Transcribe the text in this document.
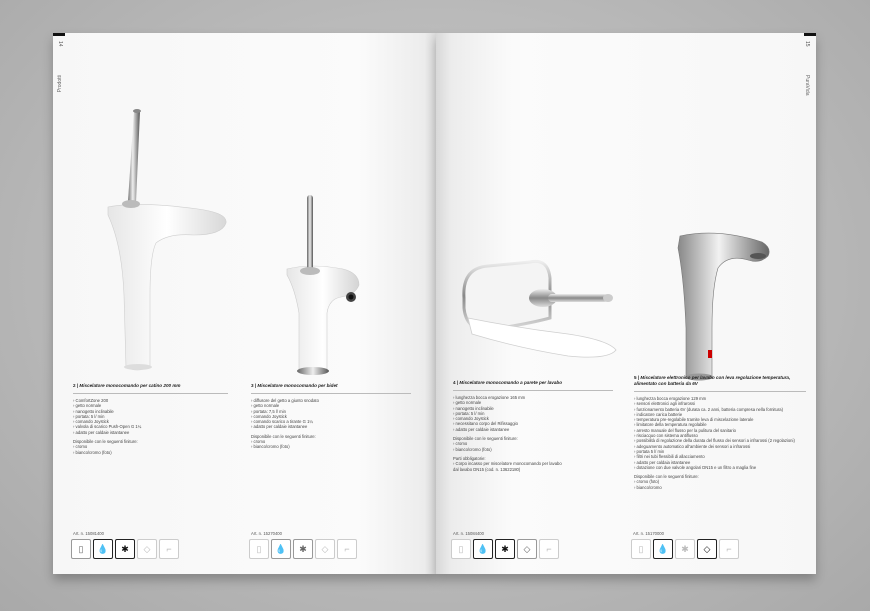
14
Prodotti
2 | Miscelatore monocomando per catino 200 mm
› ComfortZone 200
› getto normale
› nanogetto inclinabile
› portata: 5 l/ min
› comando Joystick
› valvola di scarico Push-Open G 1¼
› adatto per caldaie istantanee
Disponibile con le seguenti finiture:
› cromo
› bianco/cromo (foto)
3 | Miscelatore monocomando per bidet
› diffusore del getto a giunto snodato
› getto normale
› portata: 7,5 l/ min
› comando Joystick
› comando scarico a tirante G 1¼
› adatto per caldaie istantanee
Disponibile con le seguenti finiture:
› cromo
› bianco/cromo (foto)
Art. n. 15081400
▯	💧	✱	◇	⌐
Art. n. 15270400
▯	💧	✱	◇	⌐
15
PuraVida
4 | Miscelatore monocomando a parete per lavabo
› lunghezza bocca erogazione 165 mm
› getto normale
› nanogetto inclinabile
› portata: 5 l/ min
› comando Joystick
› necessitano corpo del Rifissaggio
› adatto per caldaie istantanee
Disponibile con le seguenti finiture:
› cromo
› bianco/cromo (foto)
Parti obbligatorie:
› Corpo incasso per miscelatore monocomando per lavabo
dal lavabo DN15 (cod. n. 13622180)
5 | Miscelatore elettronico per lavabo con leva regolazione temperatura, alimentato con batteria da 6V
› lunghezza bocca erogazione 129 mm
› sensori elettronici agli infrarossi
› funzionamento batteria 6V (durata ca. 2 anni, batteria compresa nella fornitura)
› indicatore carica batterie
› temperatura pre-regolabile tramite leva di miscelazione laterale
› limitatore della temperatura regolabile
› arresto manuale del flusso per la pulitura del sanitario
› risciacquo con sistema antiflusso
› possibilità di regolazione della durata del flusso dei sensori a infrarossi (2 regolazioni)
› adeguamento automatico all'ambiente dei sensori a infrarossi
› portata 5 l/ min
› filtri nei tubi flessibili di allacciamento
› adatto per caldaia istantanee
› dotazione con due valvole angolari DN15 e un filtro a maglia fine
Disponibile con le seguenti finiture:
› cromo (foto)
› bianco/cromo
Art. n. 15084400
▯	💧	✱	◇	⌐
Art. n. 15170000
▯	💧	✱	◇	⌐
